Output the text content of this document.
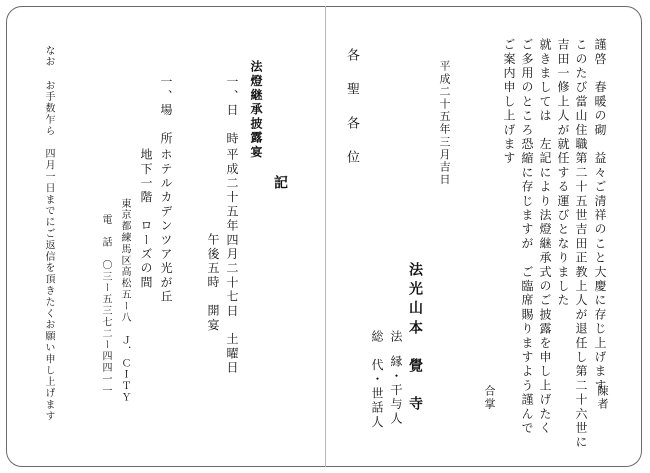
謹啓　春暖の砌　益々ご清祥のこと大慶に存じ上げます
このたび當山住職第二十五世吉田正教上人が退任し第二十六世に
吉田一修上人が就任する運びとなりました
就きましては　左記により法燈継承式のご披露を申し上げたく
ご多用のところ恐縮に存じますが　ご臨席賜りますよう謹んで
ご案内申し上げます
陳者
合掌
平成二十五年三月吉日
法光山
本　覺　寺
法
縁・干与人
総　代・世話人
各　聖　各　位
記
法燈継承披露宴
一、日　時
平成二十五年四月二十七日　土曜日
午後五時　開宴
一、場　所
ホテルカデンツア光が丘
地下一階　ローズの間
東京都練馬区高松五ー八　Ｊ．ＣＩＴＹ
電　話　〇三ー五三七二ー四四一一
なお
お手数乍ら　四月一日までにご返信を頂きたくお願い申し上げます
